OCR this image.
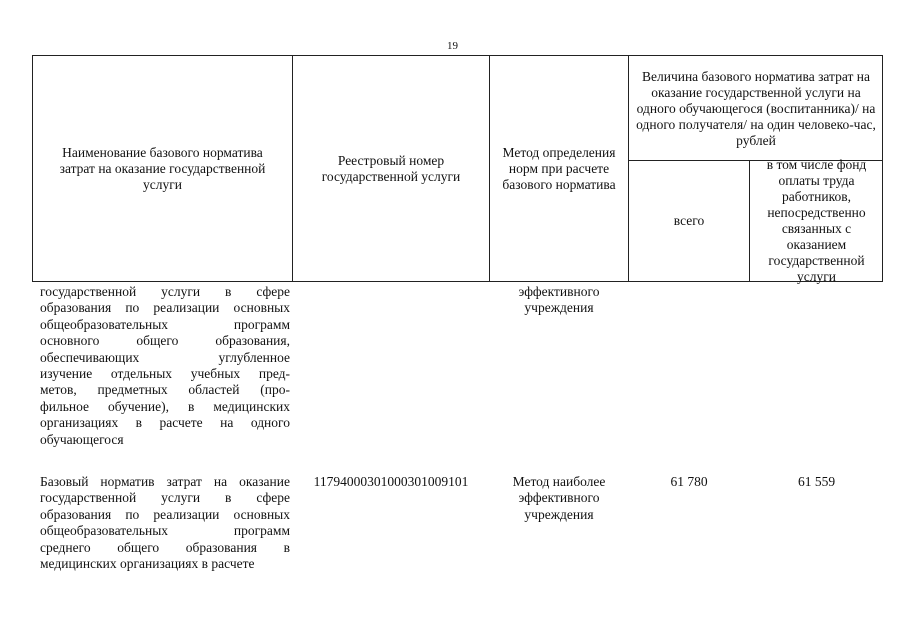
19
Наименование базового норматива затрат на оказание государственной услуги
Реестровый номер государственной услуги
Метод определения норм при расчете базового норматива
Величина базового норматива затрат на оказание государственной услуги на одного обучающегося (воспитанника)/ на одного получателя/ на один человеко-час, рублей
всего
в том числе фонд оплаты труда работников, непосредственно связанных с оказанием государственной услуги
государственной услуги в сфере
образования по реализации основных
общеобразовательных программ
основного общего образования,
обеспечивающих углубленное
изучение отдельных учебных пред-
метов, предметных областей (про-
фильное обучение), в медицинских
организациях в расчете на одного
обучающегося
эффективного
учреждения
Базовый норматив затрат на оказание
государственной услуги в сфере
образования по реализации основных
общеобразовательных программ
среднего общего образования в
медицинских организациях в расчете
11794000301000301009101	Метод наиболее
эффективного
учреждения
61 780	61 559
